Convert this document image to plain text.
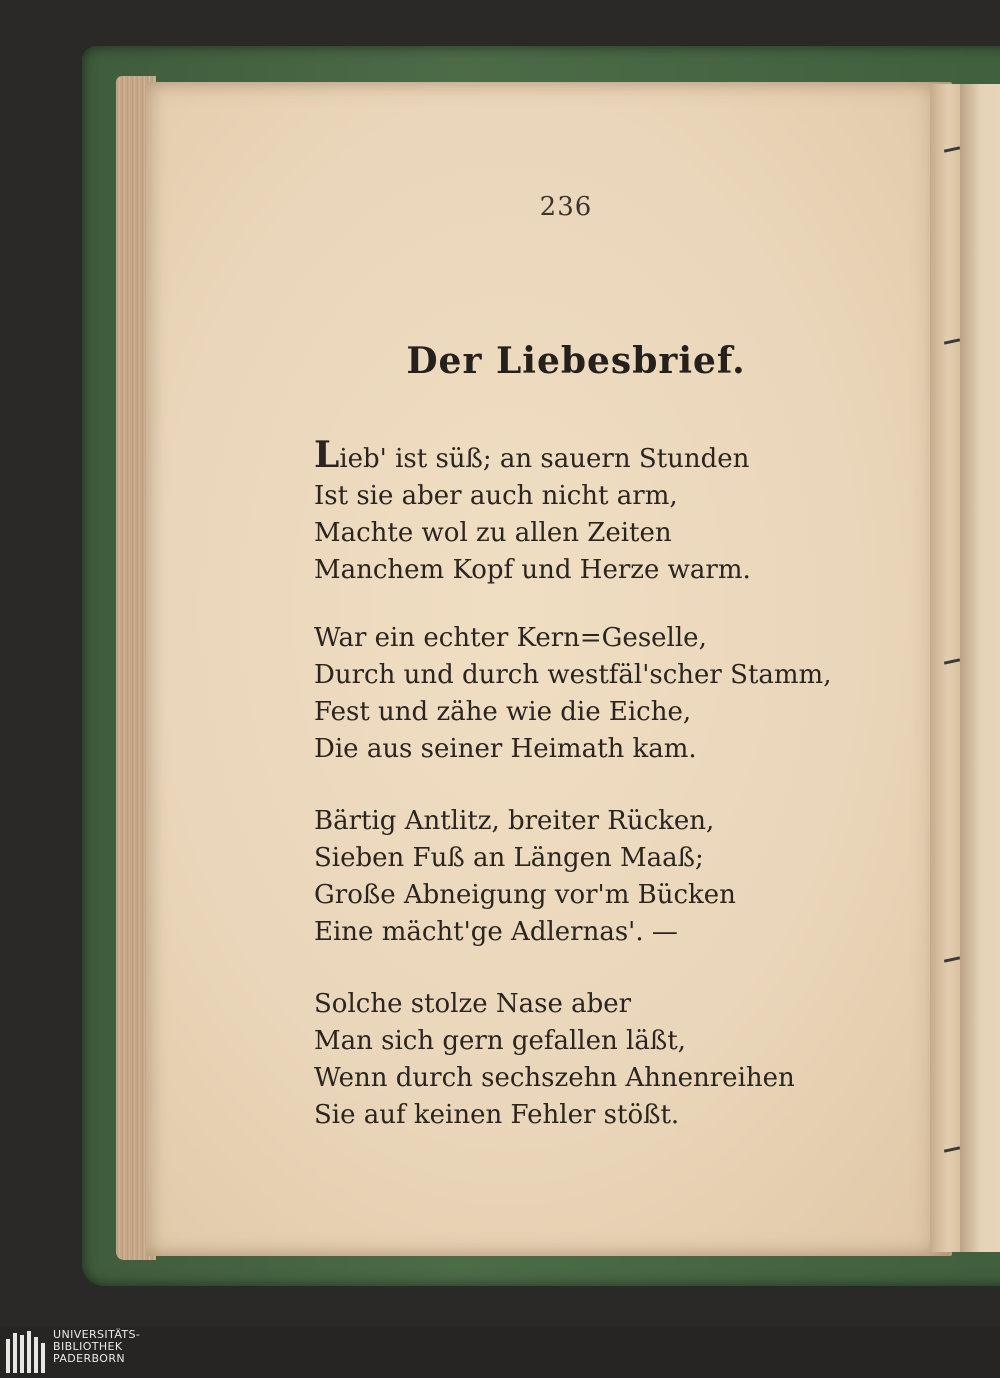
236
Der Liebesbrief.
Lieb' ist süß; an sauern Stunden
Ist sie aber auch nicht arm,
Machte wol zu allen Zeiten
Manchem Kopf und Herze warm.
War ein echter Kern=Geselle,
Durch und durch westfäl'scher Stamm,
Fest und zähe wie die Eiche,
Die aus seiner Heimath kam.
Bärtig Antlitz, breiter Rücken,
Sieben Fuß an Längen Maaß;
Große Abneigung vor'm Bücken
Eine mächt'ge Adlernas'. —
Solche stolze Nase aber
Man sich gern gefallen läßt,
Wenn durch sechszehn Ahnenreihen
Sie auf keinen Fehler stößt.
UNIVERSITÄTS-
BIBLIOTHEK
PADERBORN
